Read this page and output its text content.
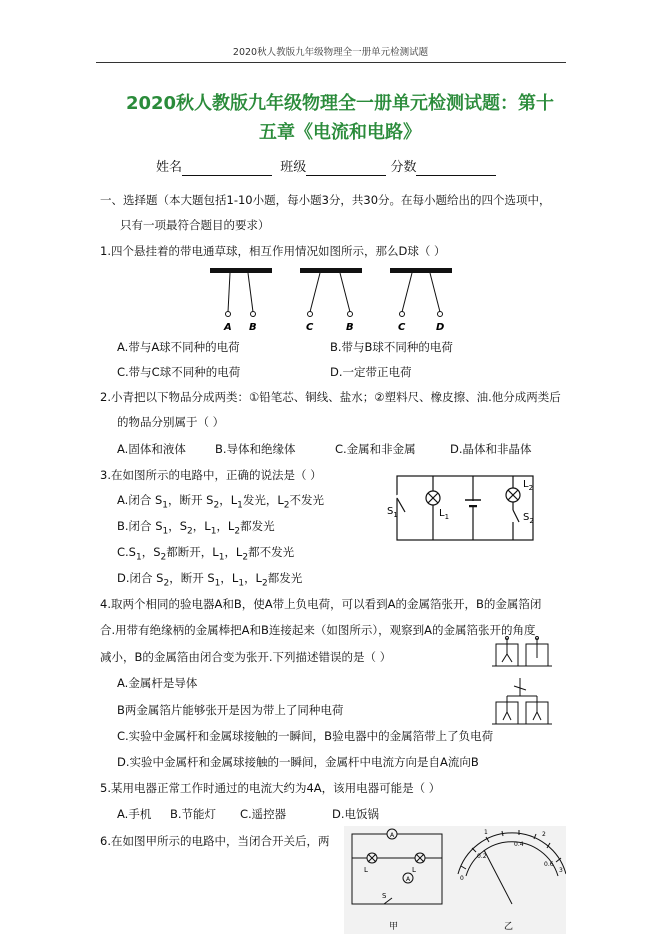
2020秋人教版九年级物理全一册单元检测试题
2020秋人教版九年级物理全一册单元检测试题：第十
五章《电流和电路》
姓名	班级	分数
一、选择题（本大题包括1-10小题，每小题3分，共30分。在每小题给出的四个选项中，
只有一项最符合题目的要求）
1.四个悬挂着的带电通草球，相互作用情况如图所示，那么D球（ ）
A B	C	B	C	D
A.带与A球不同种的电荷	B.带与B球不同种的电荷
C.带与C球不同种的电荷	D.一定带正电荷
2.小青把以下物品分成两类：①铅笔芯、铜线、盐水；②塑料尺、橡皮擦、油.他分成两类后
的物品分别属于（ ）
A.固体和液体	B.导体和绝缘体	C.金属和非金属	D.晶体和非晶体
3.在如图所示的电路中，正确的说法是（ ）
A.闭合 $S_1$，断开 $S_2$，$L_1$发光，$L_2$不发光
B.闭合 $S_1$，$S_2$，$L_1$，$L_2$都发光
$C.S_1$，$S_2$都断开，$L_1$，$L_2$都不发光
D.闭合 $S_2$，断开 $S_1$，$L_1$，$L_2$都发光
$S_1$	$L_1$
$L_2$
$S_2$
4.取两个相同的验电器A和B，使A带上负电荷，可以看到A的金属箔张开，B的金属箔闭
合.用带有绝缘柄的金属棒把A和B连接起来（如图所示），观察到A的金属箔张开的角度
减小，B的金属箔由闭合变为张开.下列描述错误的是（ ）
A.金属杆是导体
B两金属箔片能够张开是因为带上了同种电荷
C.实验中金属杆和金属球接触的一瞬间，B验电器中的金属箔带上了负电荷
D.实验中金属杆和金属球接触的一瞬间，金属杆中电流方向是自A流向B
5.某用电器正常工作时通过的电流大约为4A，该用电器可能是（ ）
A.手机 B.节能灯 C.遥控器	D.电饭锅
6.在如图甲所示的电路中，当闭合开关后，两	A
A
L	L
S
甲
0
1	2
3
0.2
0.4
0.6
乙
